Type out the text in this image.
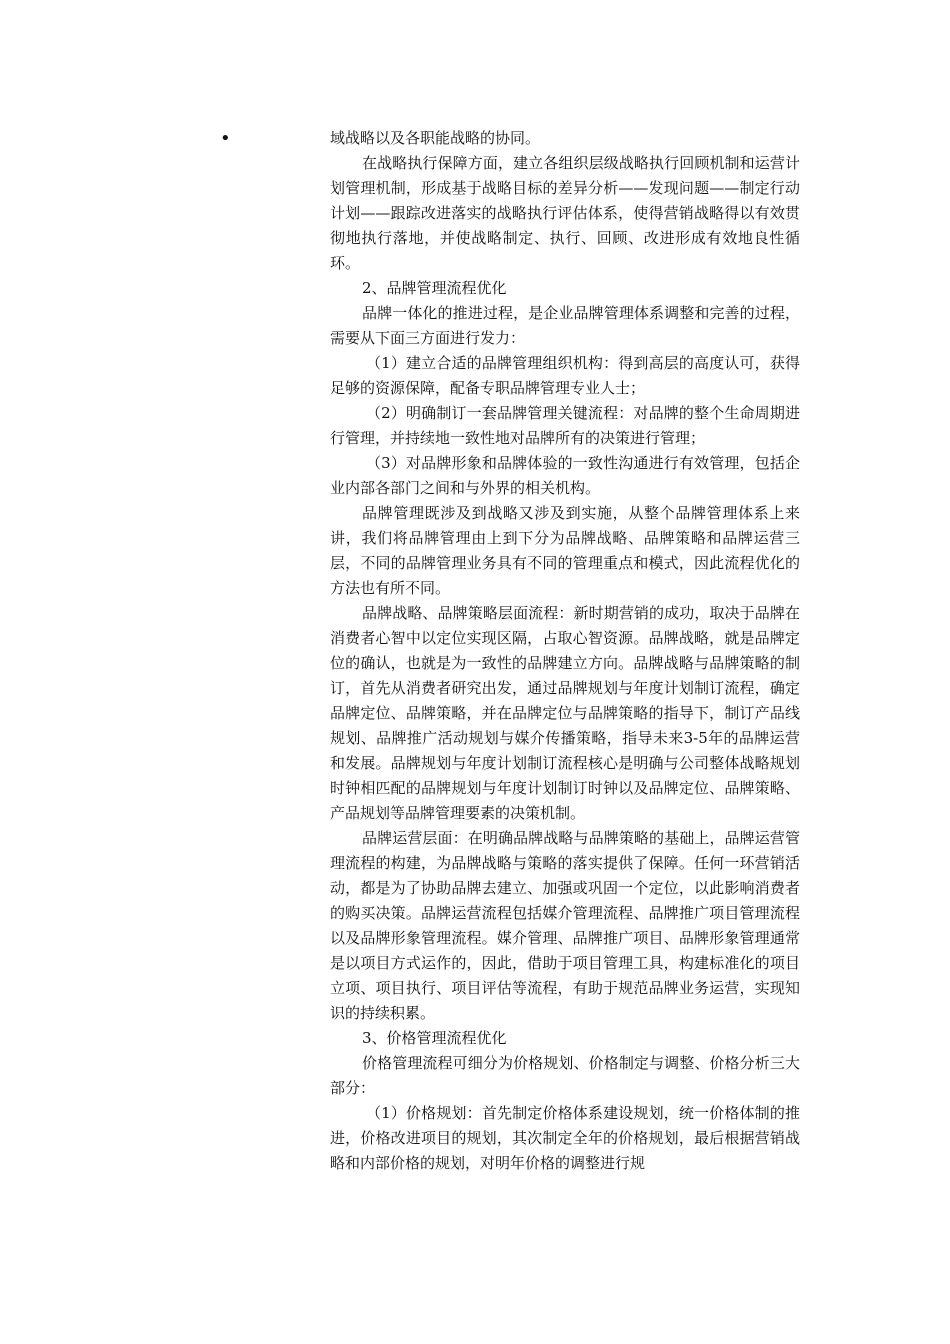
•	域战略以及各职能战略的协同。

在战略执行保障方面，建立各组织层级战略执行回顾机制和运营计划管理机制，形成基于战略目标的差异分析——发现问题——制定行动计划——跟踪改进落实的战略执行评估体系，使得营销战略得以有效贯彻地执行落地，并使战略制定、执行、回顾、改进形成有效地良性循环。

2、品牌管理流程优化

品牌一体化的推进过程，是企业品牌管理体系调整和完善的过程，需要从下面三方面进行发力：

（1）建立合适的品牌管理组织机构：得到高层的高度认可，获得足够的资源保障，配备专职品牌管理专业人士；

（2）明确制订一套品牌管理关键流程：对品牌的整个生命周期进行管理，并持续地一致性地对品牌所有的决策进行管理；

（3）对品牌形象和品牌体验的一致性沟通进行有效管理，包括企业内部各部门之间和与外界的相关机构。

品牌管理既涉及到战略又涉及到实施，从整个品牌管理体系上来讲，我们将品牌管理由上到下分为品牌战略、品牌策略和品牌运营三层，不同的品牌管理业务具有不同的管理重点和模式，因此流程优化的方法也有所不同。

品牌战略、品牌策略层面流程：新时期营销的成功，取决于品牌在消费者心智中以定位实现区隔，占取心智资源。品牌战略，就是品牌定位的确认，也就是为一致性的品牌建立方向。品牌战略与品牌策略的制订，首先从消费者研究出发，通过品牌规划与年度计划制订流程，确定品牌定位、品牌策略，并在品牌定位与品牌策略的指导下，制订产品线规划、品牌推广活动规划与媒介传播策略，指导未来3-5年的品牌运营和发展。品牌规划与年度计划制订流程核心是明确与公司整体战略规划时钟相匹配的品牌规划与年度计划制订时钟以及品牌定位、品牌策略、产品规划等品牌管理要素的决策机制。

品牌运营层面：在明确品牌战略与品牌策略的基础上，品牌运营管理流程的构建，为品牌战略与策略的落实提供了保障。任何一环营销活动，都是为了协助品牌去建立、加强或巩固一个定位，以此影响消费者的购买决策。品牌运营流程包括媒介管理流程、品牌推广项目管理流程以及品牌形象管理流程。媒介管理、品牌推广项目、品牌形象管理通常是以项目方式运作的，因此，借助于项目管理工具，构建标准化的项目立项、项目执行、项目评估等流程，有助于规范品牌业务运营，实现知识的持续积累。

3、价格管理流程优化

价格管理流程可细分为价格规划、价格制定与调整、价格分析三大部分：

（1）价格规划：首先制定价格体系建设规划，统一价格体制的推进，价格改进项目的规划，其次制定全年的价格规划，最后根据营销战略和内部价格的规划，对明年价格的调整进行规
